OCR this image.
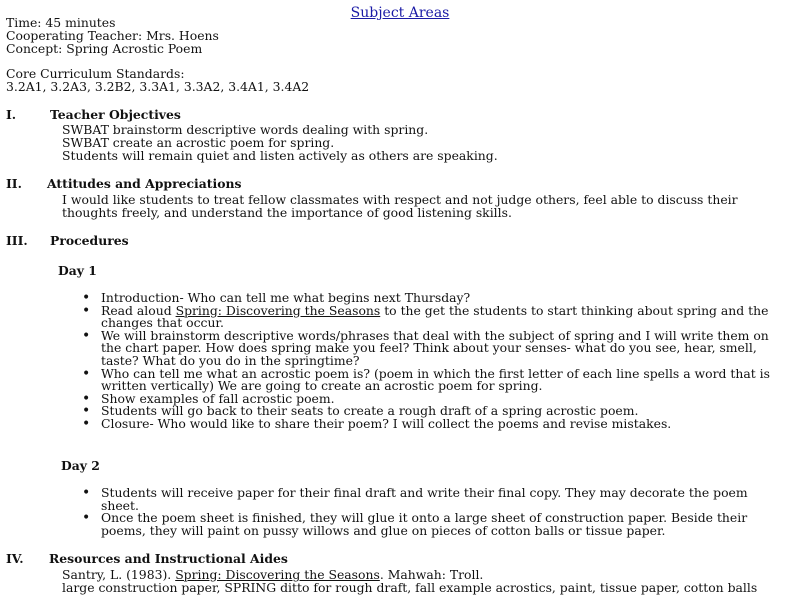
Subject Areas
Time: 45 minutes
Cooperating Teacher: Mrs. Hoens
Concept: Spring Acrostic Poem
Core Curriculum Standards:
3.2A1, 3.2A3, 3.2B2, 3.3A1, 3.3A2, 3.4A1, 3.4A2
I.	Teacher Objectives
SWBAT brainstorm descriptive words dealing with spring.
SWBAT create an acrostic poem for spring.
Students will remain quiet and listen actively as others are speaking.
II. Attitudes and Appreciations
I would like students to treat fellow classmates with respect and not judge others, feel able to discuss their
thoughts freely, and understand the importance of good listening skills.
III. Procedures
Day 1
• Introduction- Who can tell me what begins next Thursday?
• Read aloud Spring: Discovering the Seasons to the get the students to start thinking about spring and the
changes that occur.
• We will brainstorm descriptive words/phrases that deal with the subject of spring and I will write them on
the chart paper. How does spring make you feel? Think about your senses- what do you see, hear, smell,
taste? What do you do in the springtime?
• Who can tell me what an acrostic poem is? (poem in which the first letter of each line spells a word that is
written vertically) We are going to create an acrostic poem for spring.
• Show examples of fall acrostic poem.
• Students will go back to their seats to create a rough draft of a spring acrostic poem.
• Closure- Who would like to share their poem? I will collect the poems and revise mistakes.
Day 2
• Students will receive paper for their final draft and write their final copy. They may decorate the poem
sheet.
• Once the poem sheet is finished, they will glue it onto a large sheet of construction paper. Beside their
poems, they will paint on pussy willows and glue on pieces of cotton balls or tissue paper.
IV. Resources and Instructional Aides
Santry, L. (1983). Spring: Discovering the Seasons. Mahwah: Troll.
large construction paper, SPRING ditto for rough draft, fall example acrostics, paint, tissue paper, cotton balls
